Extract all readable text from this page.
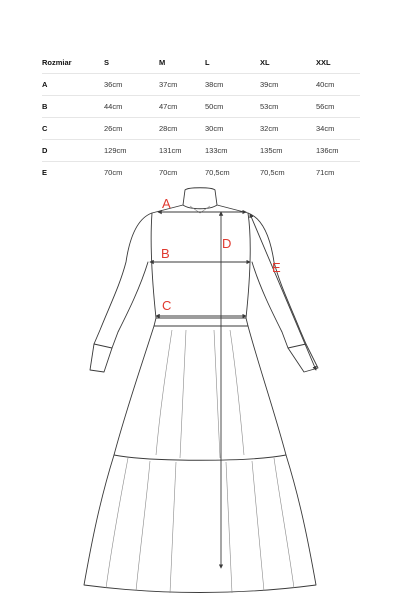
Rozmiar	S	M	L	XL	XXL
A	36cm	37cm	38cm	39cm	40cm
B	44cm	47cm	50cm	53cm	56cm
C	26cm	28cm	30cm	32cm	34cm
D	129cm	131cm	133cm	135cm	136cm
E	70cm	70cm	70,5cm	70,5cm	71cm
A
B
C
D
E
